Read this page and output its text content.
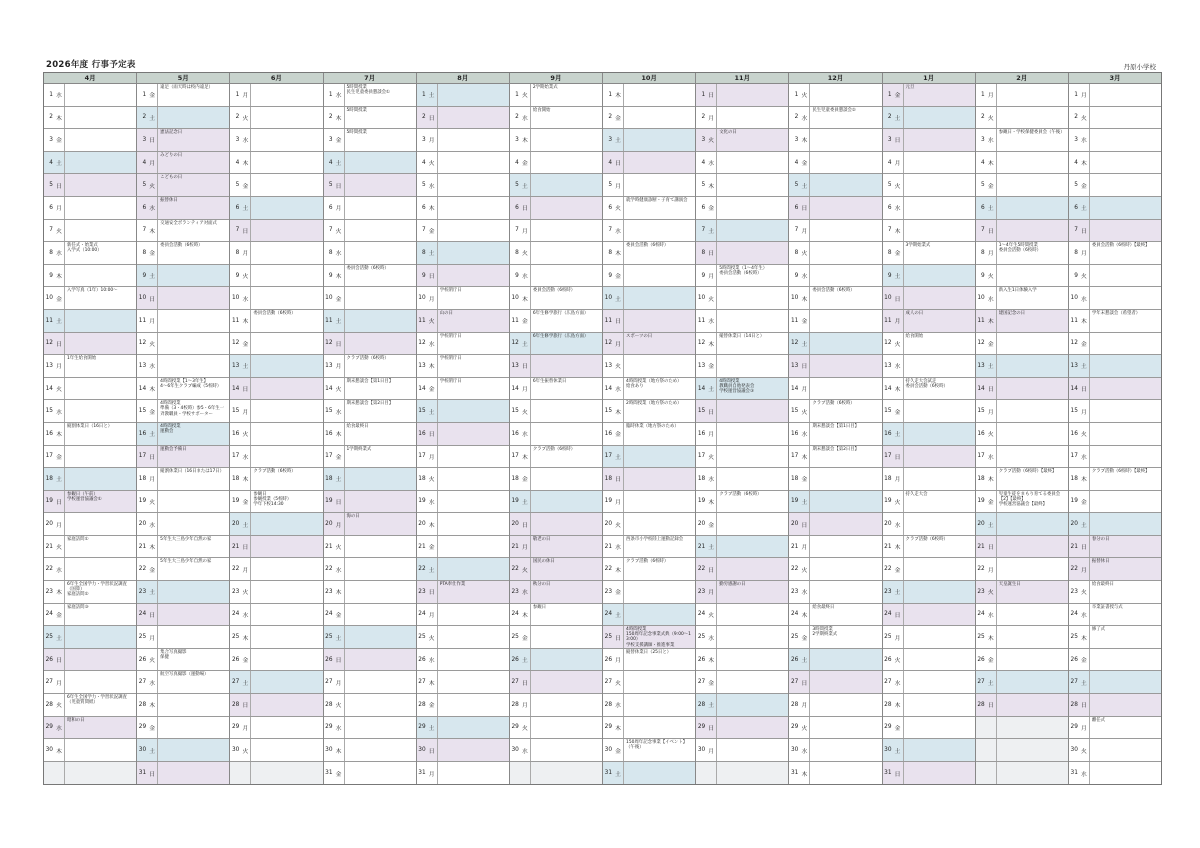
2026年度 行事予定表	丹原小学校
4月
1 水
2 木
3 金
4 土
5 日
6 月
7 火
8 水
新任式・始業式
入学式（10:00）
9 木
10 金
入学写真（1年）10:00〜
11 土
12 日
13 月
1年生給食開始
14 火
15 水
16 木
縦割体業日（16日と）
17 金
18 土
19 日
参観日（午前）
学校運営協議会①
20 月
21 火
家庭訪問①
22 水
23 木
6年生全国学力・学習状況調査（国算）
家庭訪問②
24 金
家庭訪問③
25 土
26 日
27 月
28 火
6年生全国学力・学習状況調査（児童質問紙）
29 水
昭和の日
30 木
5月
1 金
遠足（雨天時は校内遠足）
2 土
3 日
憲法記念日
4 月
みどりの日
5 火
こどもの日
6 水
振替休日
7 木
交通安全ボランティア対面式
8 金
委員会活動（6校時）
9 土
10 日
11 月
12 火
13 水
14 木
4時間授業【1〜3年生】
4〜6年生クラブ編成（5校時）
15 金
4時間授業
準備（3・4校時）参5・6年生一斉教職員・学校サポーター
16 土
4時間授業
運動会
17 日
運動会予備日
18 月
縦割休業日（16日または17日）
19 火
20 水
21 木
5年生大三島少年自然の家
22 金
5年生大三島少年自然の家
23 土
24 日
25 月
26 火
集合写真撮影
保健
27 水
航空写真撮影（運動場）
28 木
29 金
30 土
31 日
6月
1 月
2 火
3 水
4 木
5 金
6 土
7 日
8 月
9 火
10 水
11 木
委員会活動（6校時）
12 金
13 土
14 日
15 月
16 火
17 水
18 木
クラブ活動（6校時）
19 金
参観日
参観授業（5校時）
学年下校14:30
20 土
21 日
22 月
23 火
24 水
25 木
26 金
27 土
28 日
29 月
30 火
7月
1 水
5時間授業
民生児童委員懇談会①
2 木
5時間授業
3 金
5時間授業
4 土
5 日
6 月
7 火
8 水
9 木
委員会活動（6校時）
10 金
11 土
12 日
13 月
クラブ活動（6校時）
14 火
期末懇談会【第1日目】
15 水
期末懇談会【第2日目】
16 木
給食最終日
17 金
1学期終業式
18 土
19 日
20 月
海の日
21 火
22 水
23 木
24 金
25 土
26 日
27 月
28 火
29 水
30 木
31 金
8月
1 土
2 日
3 月
4 火
5 水
6 木
7 金
8 土
9 日
10 月
学校閉庁日
11 火
山の日
12 水
学校閉庁日
13 木
学校閉庁日
14 金
学校閉庁日
15 土
16 日
17 月
18 火
19 水
20 木
21 金
22 土
23 日
PTA奉仕作業
24 月
25 火
26 水
27 木
28 金
29 土
30 日
31 月
9月
1 火
2学期始業式
2 水
給食開始
3 木
4 金
5 土
6 日
7 月
8 火
9 水
10 木
委員会活動（6校時）
11 金
6年生修学旅行（広島方面）
12 土
6年生修学旅行（広島方面）
13 日
14 月
6年生振替休業日
15 火
16 水
17 木
クラブ活動（6校時）
18 金
19 土
20 日
21 月
敬老の日
22 火
国民の休日
23 水
秋分の日
24 木
参観日
25 金
26 土
27 日
28 月
29 火
30 水
10月
1 木
2 金
3 土
4 日
5 月
6 火
就学時健康診断・子育て講演会
7 水
8 木
委員会活動（6校時）
9 金
10 土
11 日
12 月
スポーツの日
13 火
14 水
4時間授業（地方祭のため）
給食あり
15 木
2時間授業（地方祭のため）
16 金
臨時休業（地方祭のため）
17 土
18 日
19 月
20 火
21 水
西条市小学校陸上運動記録会
22 木
クラブ活動（6校時）
23 金
24 土
25 日
4時間授業
150周年記念事業式典（9:00〜13:00）
学校支援講師・推進事業
26 月
縦替休業日（25日と）
27 火
28 水
29 木
30 金
150周年記念事業【イベント】（午後）
31 土
11月
1 日
2 月
3 火
文化の日
4 水
5 木
6 金
7 土
8 日
9 月
5時間授業（1〜4年生）
委員会活動（6校時）
10 火
11 水
12 木
縦替休業日（14日と）
13 金
14 土
4時間授業
教職員自他発表会
学校運営協議会③
15 日
16 月
17 火
18 水
19 木
クラブ活動（6校時）
20 金
21 土
22 日
23 月
勤労感謝の日
24 火
25 水
26 木
27 金
28 土
29 日
30 月
12月
1 火
2 水
民生児童委員懇談会②
3 木
4 金
5 土
6 日
7 月
8 火
9 水
10 木
委員会活動（6校時）
11 金
12 土
13 日
14 月
15 火
クラブ活動（6校時）
16 水
期末懇談会【第1日目】
17 木
期末懇談会【第2日目】
18 金
19 土
20 日
21 月
22 火
23 水
24 木
給食最終日
25 金
3時間授業
2学期終業式
26 土
27 日
28 月
29 火
30 水
31 木
1月
1 金
元旦
2 土
3 日
4 月
5 火
6 水
7 木
8 金
3学期始業式
9 土
10 日
11 月
成人の日
12 火
給食開始
13 水
14 木
持久走大会試走
委員会活動（6校時）
15 金
16 土
17 日
18 月
19 火
持久走大会
20 水
21 木
クラブ活動（6校時）
22 金
23 土
24 日
25 月
26 火
27 水
28 木
29 金
30 土
31 日
2月
1 月
2 火
3 水
参観日・学校保健委員会（午後）
4 木
5 金
6 土
7 日
8 月
1〜4年生5時間授業
委員会活動（6校時）
9 火
10 水
新入生1日体験入学
11 木
建国記念の日
12 金
13 土
14 日
15 月
16 火
17 水
18 木
クラブ活動（6校時）【最終】
19 金
児童生徒をまもり育てる委員会【2】【最終】
学校運営協議会【最終】
20 土
21 日
22 月
23 火
天皇誕生日
24 水
25 木
26 金
27 土
28 日
3月
1 月
2 火
3 水
4 木
5 金
6 土
7 日
8 月
委員会活動（6校時）【最終】
9 火
10 水
11 木
学年末懇談会（希望者）
12 金
13 土
14 日
15 月
16 火
17 水
18 木
クラブ活動（6校時）【最終】
19 金
20 土
21 日
春分の日
22 月
振替休日
23 火
給食最終日
24 水
卒業証書授与式
25 木
修了式
26 金
27 土
28 日
29 月
離任式
30 火
31 水
